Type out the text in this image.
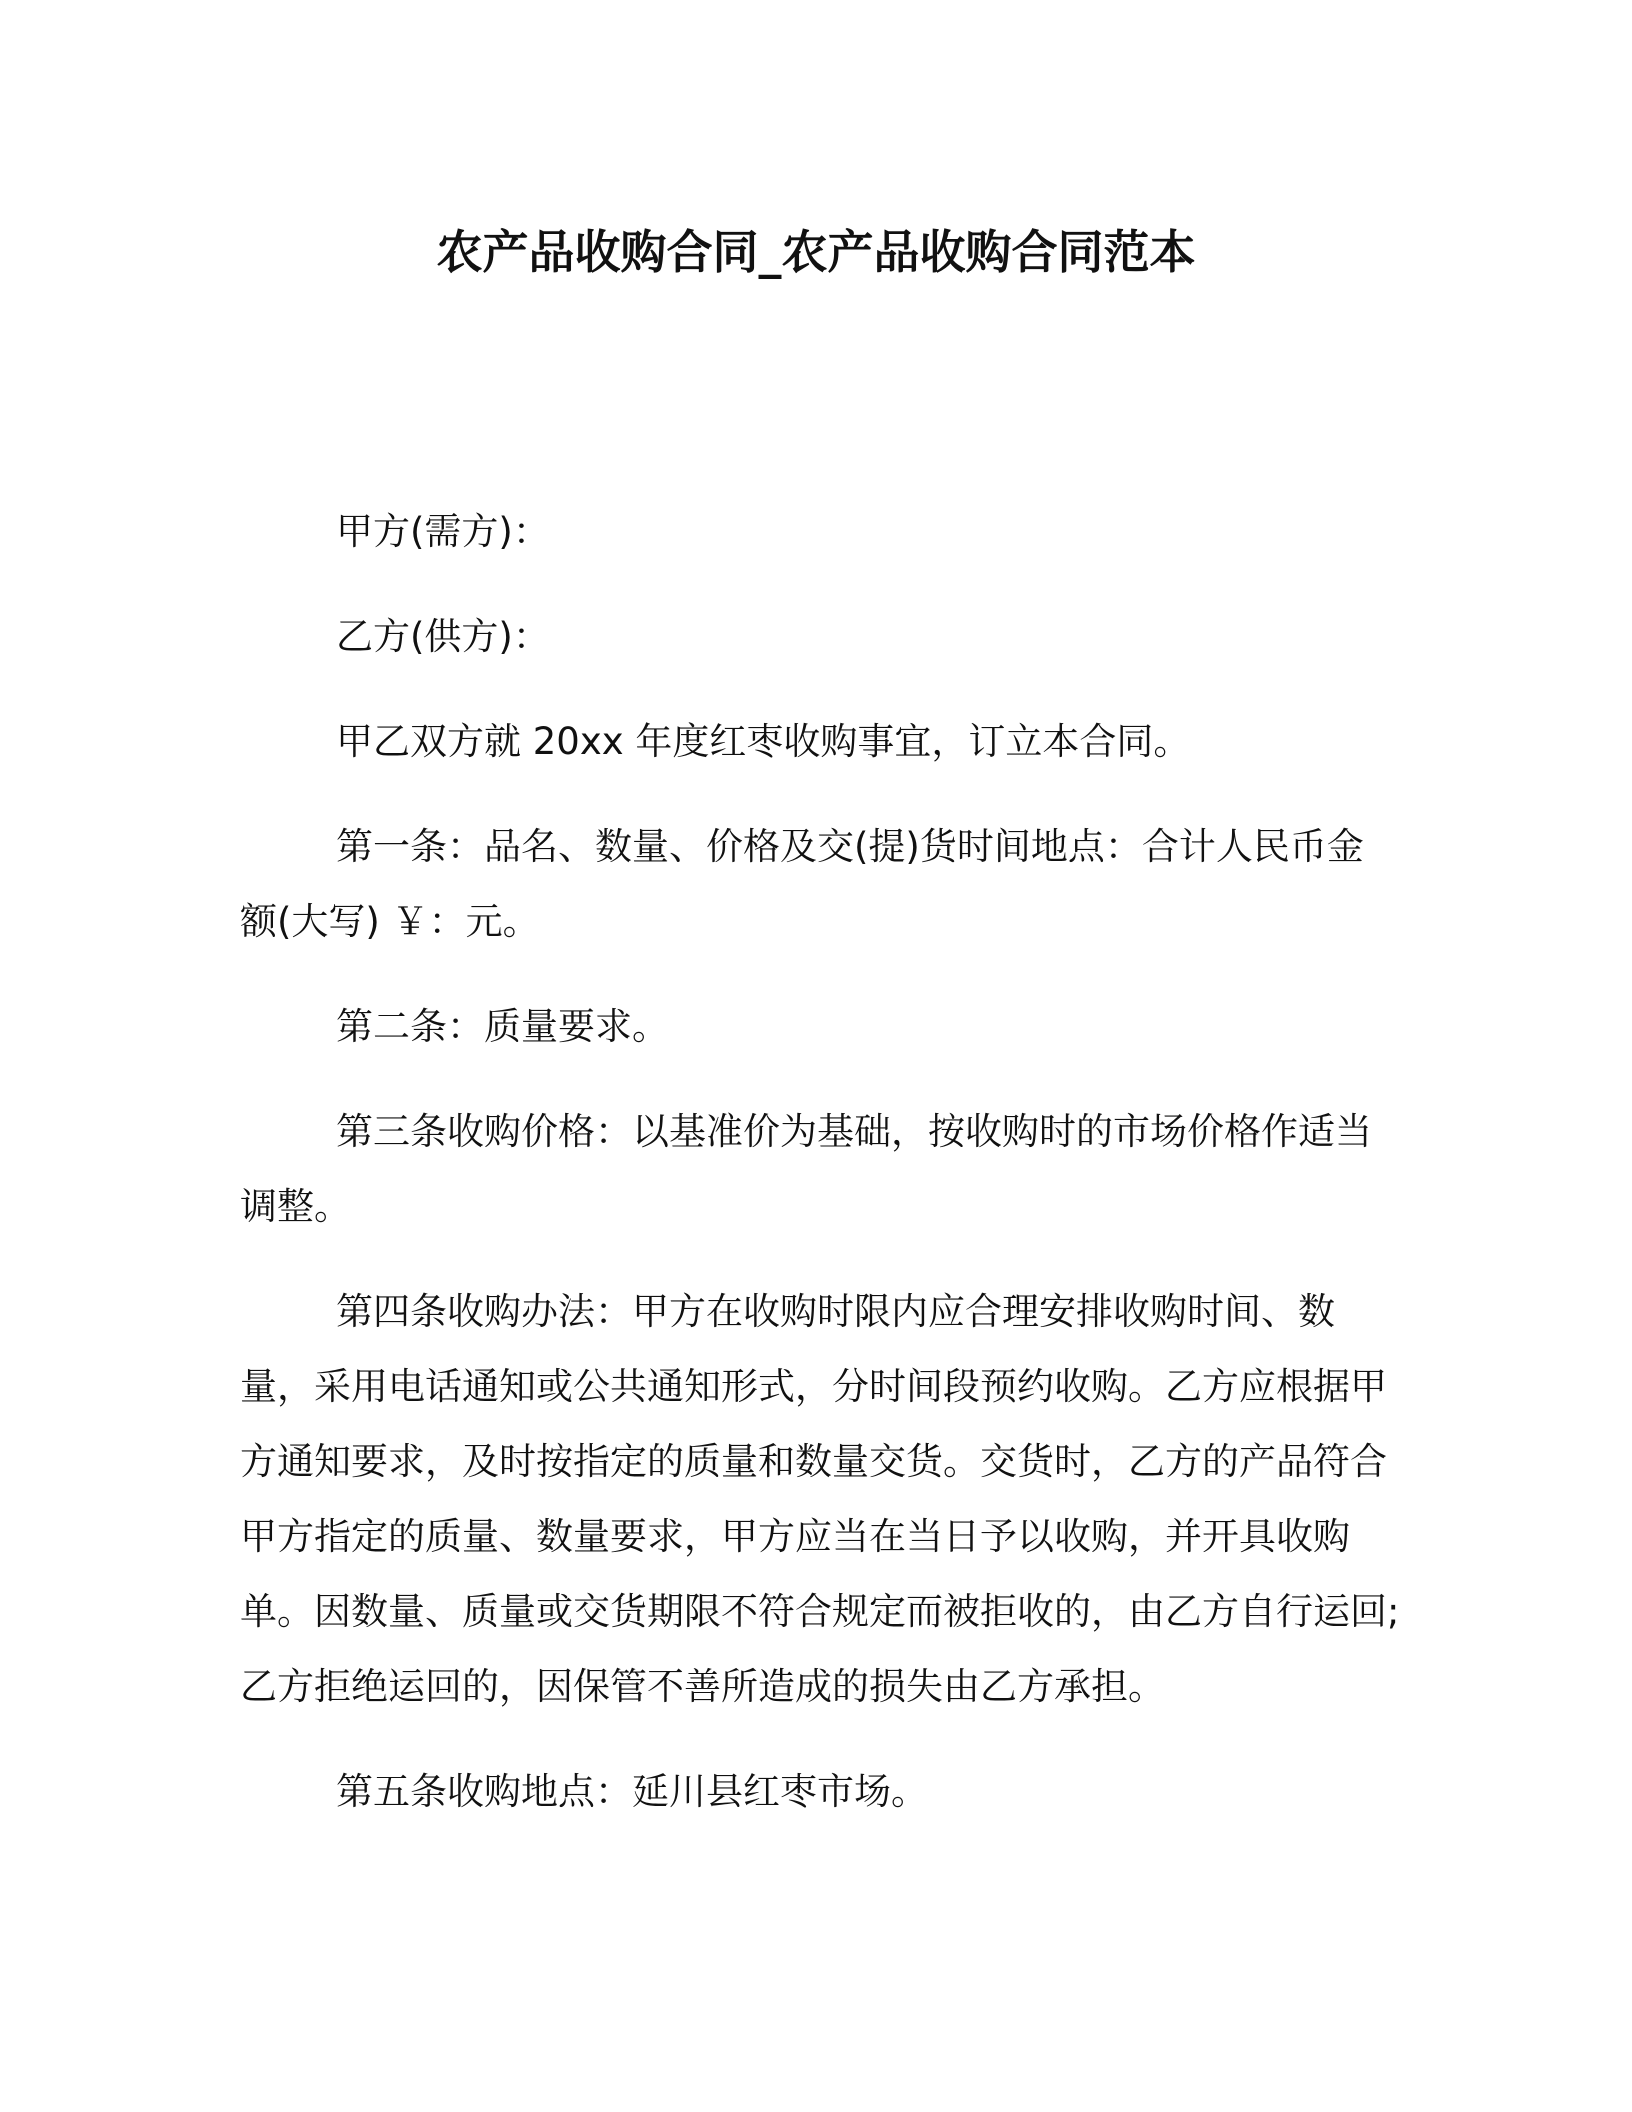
农产品收购合同_农产品收购合同范本

甲方(需方)：

乙方(供方)：

甲乙双方就 20xx 年度红枣收购事宜，订立本合同。

第一条：品名、数量、价格及交(提)货时间地点：合计人民币金额(大写) ￥：元。

第二条：质量要求。

第三条收购价格：以基准价为基础，按收购时的市场价格作适当调整。

第四条收购办法：甲方在收购时限内应合理安排收购时间、数量，采用电话通知或公共通知形式，分时间段预约收购。乙方应根据甲方通知要求，及时按指定的质量和数量交货。交货时，乙方的产品符合甲方指定的质量、数量要求，甲方应当在当日予以收购，并开具收购单。因数量、质量或交货期限不符合规定而被拒收的，由乙方自行运回;乙方拒绝运回的，因保管不善所造成的损失由乙方承担。

第五条收购地点：延川县红枣市场。
